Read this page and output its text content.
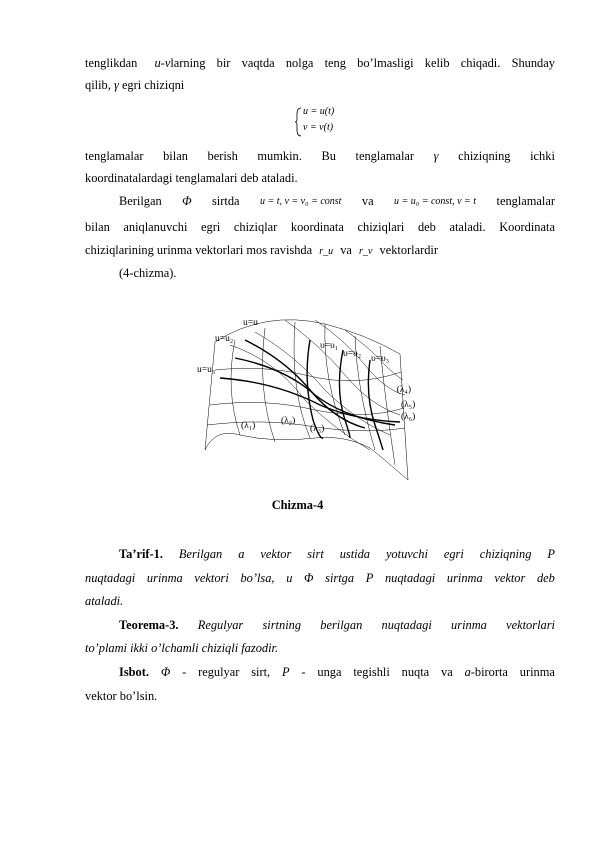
tenglikdan u-vlarning bir vaqtda nolga teng bo’lmasligi kelib chiqadi. Shunday
qilib, γ egri chiziqni
u = u(t)
v = v(t)
tenglamalar bilan berish mumkin. Bu tenglamalar γ chiziqning ichki
koordinatalardagi tenglamalari deb ataladi.
Berilgan Φ sirtda u = t, v = v₀ = const va u = u₀ = const, v = t tenglamalar
bilan aniqlanuvchi egri chiziqlar koordinata chiziqlari deb ataladi. Koordinata
chiziqlarining urinma vektorlari mos ravishda r_u va r_v vektorlardir
(4-chizma).
u=u
u=u₂
u=u₃
υ=υ₁
υ=υ₂ υ=υ₃
(λ₄)
(λ₅)
(λ₆)
(λ₁)	(λ₂)
(λ₃)
Chizma-4
Ta’rif-1. Berilgan a vektor sirt ustida yotuvchi egri chiziqning P
nuqtadagi urinma vektori bo’lsa, u Φ sirtga P nuqtadagi urinma vektor deb
ataladi.
Teorema-3. Regulyar sirtning berilgan nuqtadagi urinma vektorlari
to’plami ikki o’lchamli chiziqli fazodir.
Isbot. Φ - regulyar sirt, P - unga tegishli nuqta va a-birorta urinma
vektor bo’lsin.
